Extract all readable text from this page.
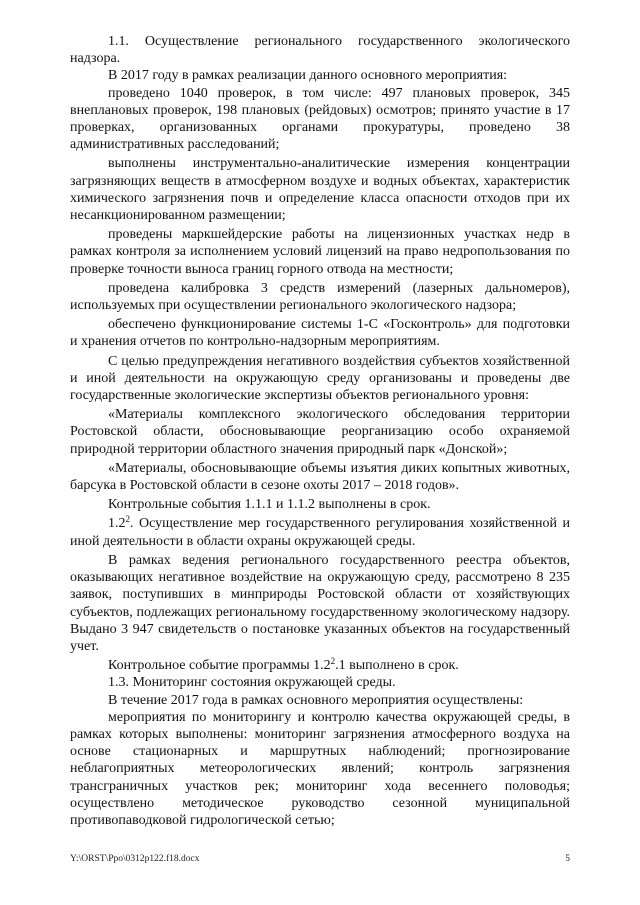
1.1. Осуществление регионального государственного экологического надзора.

В 2017 году в рамках реализации данного основного мероприятия:

проведено 1040 проверок, в том числе: 497 плановых проверок, 345 внеплановых проверок, 198 плановых (рейдовых) осмотров; принято участие в 17 проверках, организованных органами прокуратуры, проведено 38 административных расследований;

выполнены инструментально-аналитические измерения концентрации загрязняющих веществ в атмосферном воздухе и водных объектах, характеристик химического загрязнения почв и определение класса опасности отходов при их несанкционированном размещении;

проведены маркшейдерские работы на лицензионных участках недр в рамках контроля за исполнением условий лицензий на право недропользования по проверке точности выноса границ горного отвода на местности;

проведена калибровка 3 средств измерений (лазерных дальномеров), используемых при осуществлении регионального экологического надзора;

обеспечено функционирование системы 1-С «Госконтроль» для подготовки и хранения отчетов по контрольно-надзорным мероприятиям.

С целью предупреждения негативного воздействия субъектов хозяйственной и иной деятельности на окружающую среду организованы и проведены две государственные экологические экспертизы объектов регионального уровня:

«Материалы комплексного экологического обследования территории Ростовской области, обосновывающие реорганизацию особо охраняемой природной территории областного значения природный парк «Донской»;

«Материалы, обосновывающие объемы изъятия диких копытных животных, барсука в Ростовской области в сезоне охоты 2017 – 2018 годов».

Контрольные события 1.1.1 и 1.1.2 выполнены в срок.

$1.2^2$. Осуществление мер государственного регулирования хозяйственной и иной деятельности в области охраны окружающей среды.

В рамках ведения регионального государственного реестра объектов, оказывающих негативное воздействие на окружающую среду, рассмотрено 8 235 заявок, поступивших в минприроды Ростовской области от хозяйствующих субъектов, подлежащих региональному государственному экологическому надзору. Выдано 3 947 свидетельств о постановке указанных объектов на государственный учет.

Контрольное событие программы $1.2^2.1$ выполнено в срок.

1.3. Мониторинг состояния окружающей среды.

В течение 2017 года в рамках основного мероприятия осуществлены:

мероприятия по мониторингу и контролю качества окружающей среды, в рамках которых выполнены: мониторинг загрязнения атмосферного воздуха на основе стационарных и маршрутных наблюдений; прогнозирование неблагоприятных метеорологических явлений; контроль загрязнения трансграничных участков рек; мониторинг хода весеннего половодья; осуществлено методическое руководство сезонной муниципальной противопаводковой гидрологической сетью;

Y:\ORST\Ppo\0312p122.f18.docx	5
